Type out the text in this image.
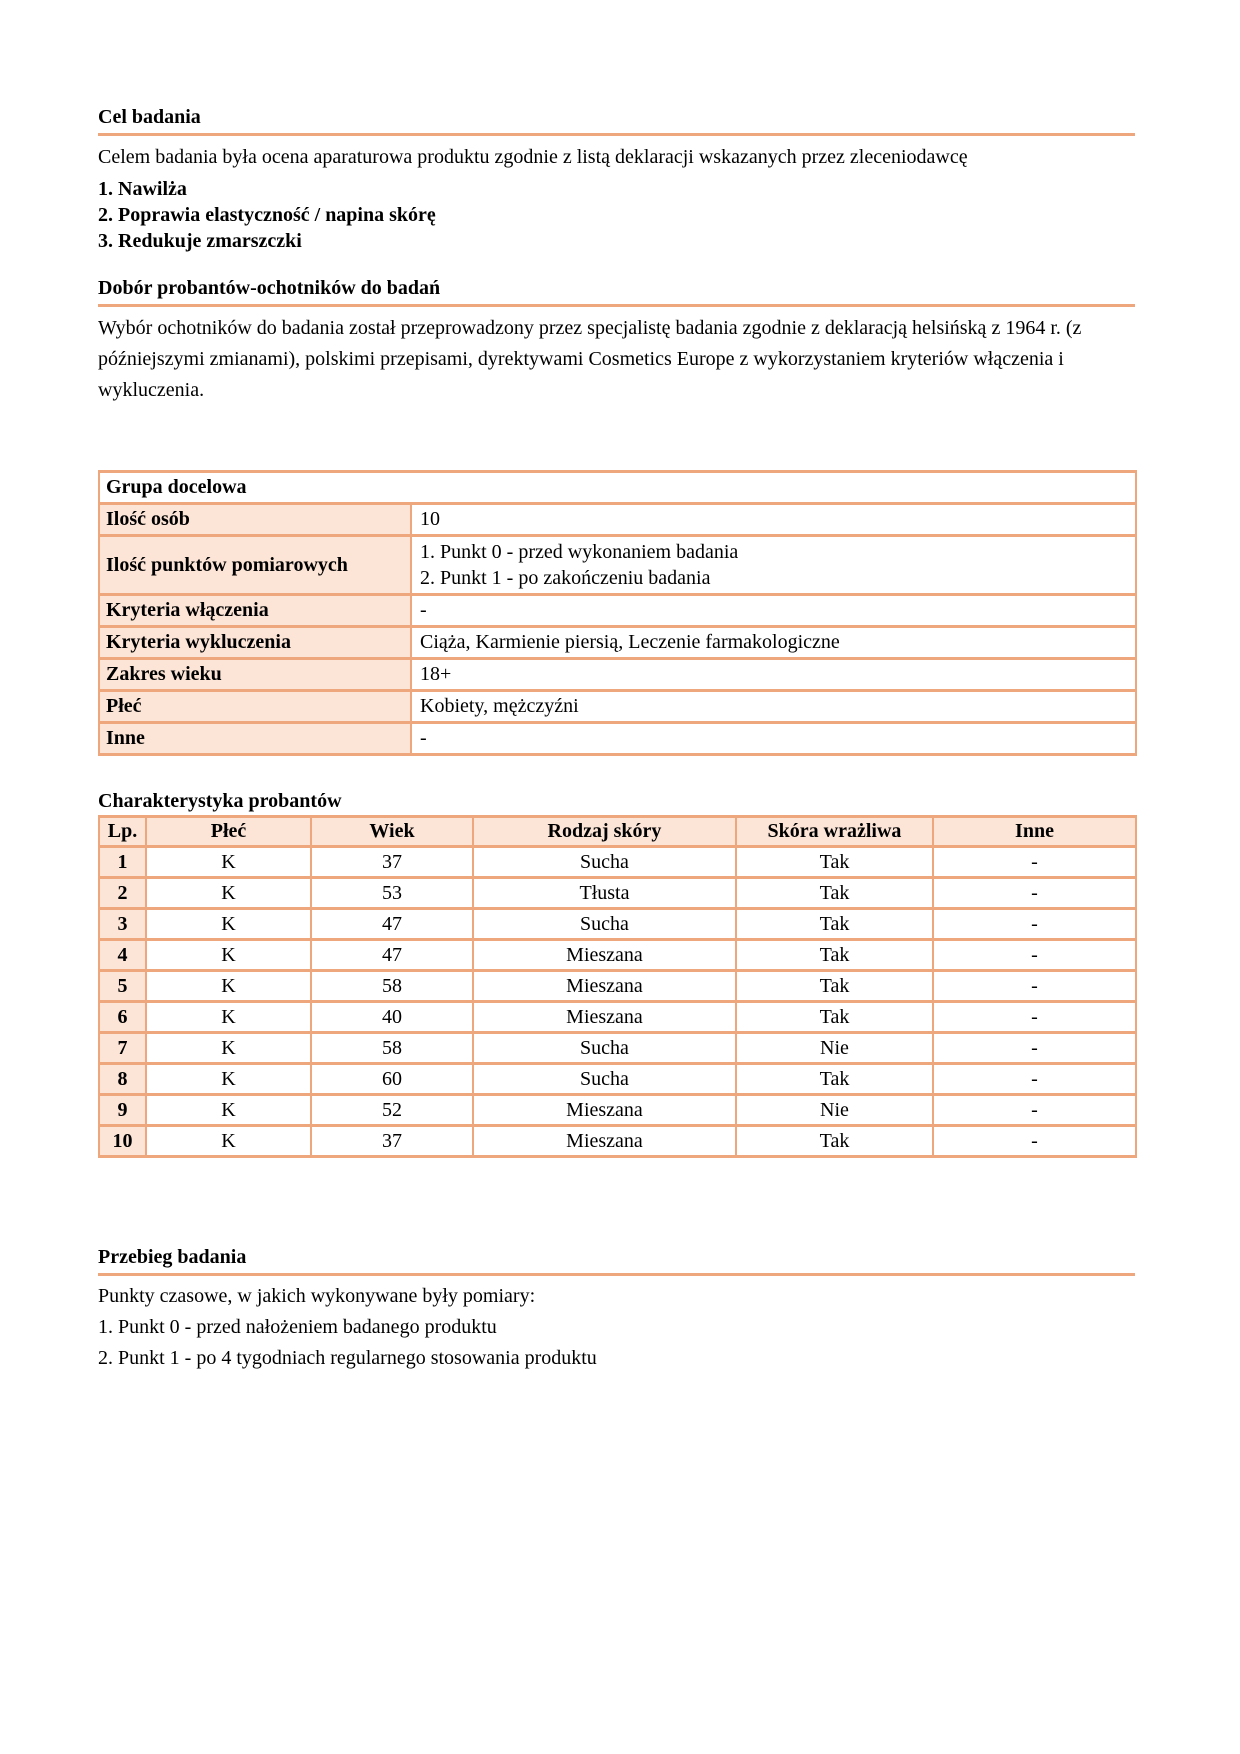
Cel badania
Celem badania była ocena aparaturowa produktu zgodnie z listą deklaracji wskazanych przez zleceniodawcę
1. Nawilża
2. Poprawia elastyczność / napina skórę
3. Redukuje zmarszczki
Dobór probantów-ochotników do badań
Wybór ochotników do badania został przeprowadzony przez specjalistę badania zgodnie z deklaracją helsińską z 1964 r. (z późniejszymi zmianami), polskimi przepisami, dyrektywami Cosmetics Europe z wykorzystaniem kryteriów włączenia i wykluczenia.
Grupa docelowa	
Ilość osób	10
Ilość punktów pomiarowych	1. Punkt 0 - przed wykonaniem badania
2. Punkt 1 - po zakończeniu badania

Kryteria włączenia	-
Kryteria wykluczenia	Ciąża, Karmienie piersią, Leczenie farmakologiczne
Zakres wieku	18+
Płeć	Kobiety, mężczyźni
Inne	-
Charakterystyka probantów
Lp.	Płeć	Wiek	Rodzaj skóry	Skóra wrażliwa	Inne
1	K	37	Sucha	Tak	-
2	K	53	Tłusta	Tak	-
3	K	47	Sucha	Tak	-
4	K	47	Mieszana	Tak	-
5	K	58	Mieszana	Tak	-
6	K	40	Mieszana	Tak	-
7	K	58	Sucha	Nie	-
8	K	60	Sucha	Tak	-
9	K	52	Mieszana	Nie	-
10	K	37	Mieszana	Tak	-
Przebieg badania
Punkty czasowe, w jakich wykonywane były pomiary:
1. Punkt 0 - przed nałożeniem badanego produktu
2. Punkt 1 - po 4 tygodniach regularnego stosowania produktu
